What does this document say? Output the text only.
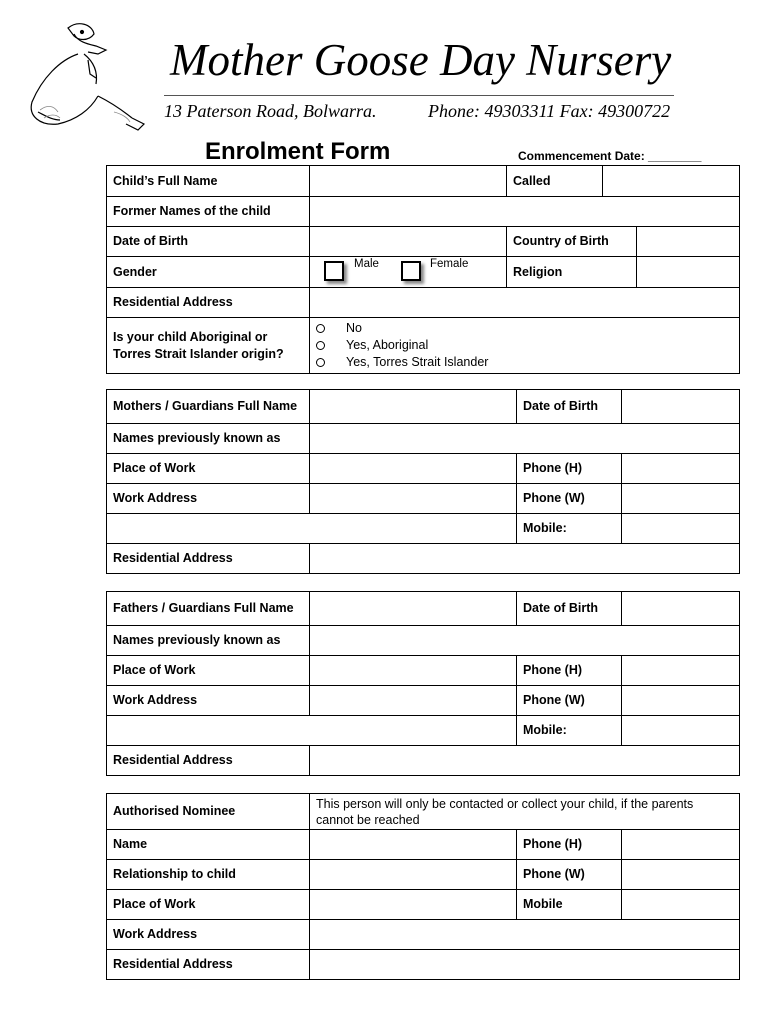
Mother Goose Day Nursery
13 Paterson Road, Bolwarra.	Phone: 49303311 Fax: 49300722
Enrolment Form	Commencement Date: ________
Child’s Full Name		Called		
Former Names of the child				
Date of Birth		Country of Birth		
Gender	Male Female	Religion		
Residential Address				
Is your child Aboriginal or Torres Strait Islander origin?	No
Yes, Aboriginal
Yes, Torres Strait Islander			
Mothers / Guardians Full Name		Date of Birth	
Names previously known as			
Place of Work		Phone (H)	
Work Address		Phone (W)	
		Mobile:	
Residential Address			
Fathers / Guardians Full Name		Date of Birth	
Names previously known as			
Place of Work		Phone (H)	
Work Address		Phone (W)	
		Mobile:	
Residential Address			
Authorised Nominee	This person will only be contacted or collect your child, if the parents cannot be reached		
Name		Phone (H)	
Relationship to child		Phone (W)	
Place of Work		Mobile	
Work Address			
Residential Address			
